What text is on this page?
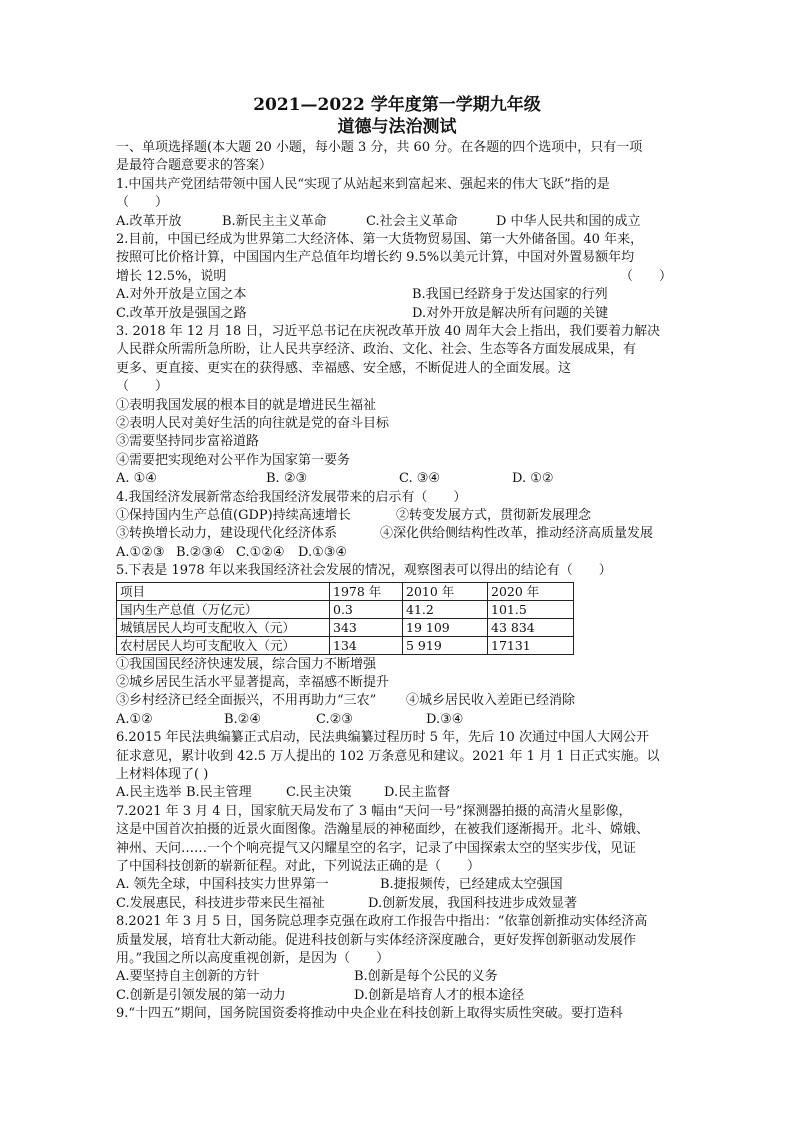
2021—2022 学年度第一学期九年级
道德与法治测试
一、单项选择题(本大题 20 小题，每小题 3 分，共 60 分。在各题的四个选项中，只有一项
是最符合题意要求的答案）
1.中国共产党团结带领中国人民“实现了从站起来到富起来、强起来的伟大飞跃”指的是
（　　）
A.改革开放	B.新民主主义革命	C.社会主义革命	D 中华人民共和国的成立
2.目前，中国已经成为世界第二大经济体、第一大货物贸易国、第一大外储备国。40 年来，
按照可比价格计算，中国国内生产总值年均增长约 9.5%以美元计算，中国对外置易额年均
增长 12.5%，说明	（　　）
A.对外开放是立国之本	B.我国已经跻身于发达国家的行列
C.改革开放是强国之路	D.对外开放是解决所有问题的关键
3. 2018 年 12 月 18 日，习近平总书记在庆祝改革开放 40 周年大会上指出，我们要着力解决
人民群众所需所急所盼，让人民共享经济、政治、文化、社会、生态等各方面发展成果，有
更多、更直接、更实在的获得感、幸福感、安全感，不断促进人的全面发展。这
（　　）
①表明我国发展的根本目的就是增进民生福祉
②表明人民对美好生活的向往就是党的奋斗目标
③需要坚持同步富裕道路
④需要把实现绝对公平作为国家第一要务
A. ①④	B. ②③	C. ③④	D. ①②
4.我国经济发展新常态给我国经济发展带来的启示有（　　）
①保持国内生产总值(GDP)持续高速增长	②转变发展方式，贯彻新发展理念
③转换增长动力，建设现代化经济体系	④深化供给侧结构性改革，推动经济高质量发展
A.①②③ B.②③④ C.①②④ D.①③④
5.下表是 1978 年以来我国经济社会发展的情况，观察图表可以得出的结论有（　　）
项目	1978 年	2010 年	2020 年
国内生产总值（万亿元）	0.3	41.2	101.5
城镇居民人均可支配收入（元）	343	19 109	43 834
农村居民人均可支配收入（元）	134	5 919	17131
①我国国民经济快速发展，综合国力不断增强
②城乡居民生活水平显著提高，幸福感不断提升
③乡村经济已经全面振兴，不用再助力“三农” ④城乡居民收入差距已经消除
A.①②	B.②④	C.②③	D.③④
6.2015 年民法典编纂正式启动，民法典编纂过程历时 5 年，先后 10 次通过中国人大网公开
征求意见，累计收到 42.5 万人提出的 102 万条意见和建议。2021 年 1 月 1 日正式实施。以
上材料体现了( )
A.民主选举 B.民主管理	C.民主决策 D.民主监督
7.2021 年 3 月 4 日，国家航天局发布了 3 幅由“天问一号”探测器拍摄的高清火星影像，
这是中国首次拍摄的近景火面图像。浩瀚星辰的神秘面纱，在被我们逐渐揭开。北斗、嫦娥、
神州、天问……一个个响亮提气又闪耀星空的名字，记录了中国探索太空的坚实步伐，见证
了中国科技创新的崭新征程。对此，下列说法正确的是（　　）
A. 领先全球，中国科技实力世界第一	B.捷报频传，已经建成太空强国
C.发展惠民，科技进步带来民生福祉	D.创新发展，我国科技进步成效显著
8.2021 年 3 月 5 日，国务院总理李克强在政府工作报告中指出：“依靠创新推动实体经济高
质量发展，培育壮大新动能。促进科技创新与实体经济深度融合，更好发挥创新驱动发展作
用。”我国之所以高度重视创新，是因为（　　）
A.要坚持自主创新的方针	B.创新是每个公民的义务
C.创新是引领发展的第一动力	D.创新是培育人才的根本途径
9.“十四五”期间，国务院国资委将推动中央企业在科技创新上取得实质性突破。要打造科
